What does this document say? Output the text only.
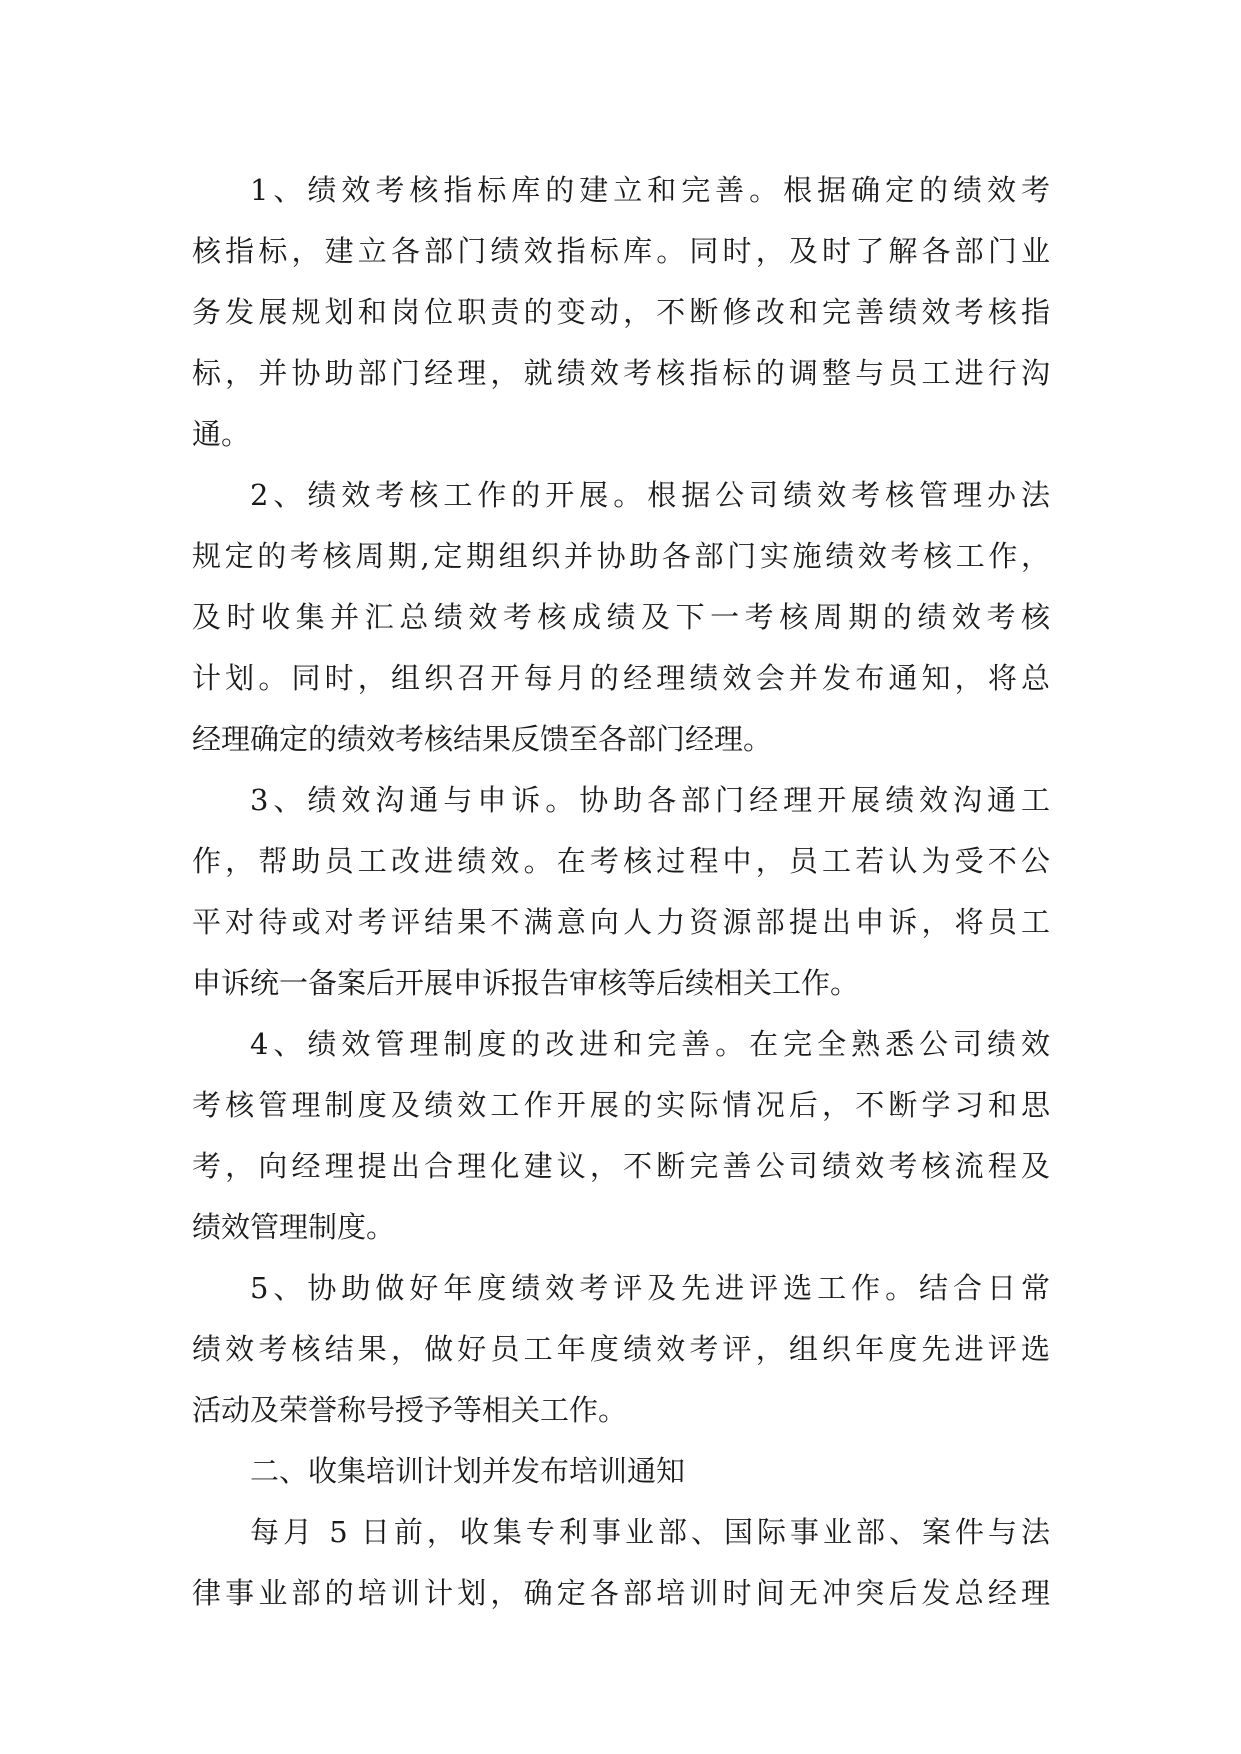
1、绩效考核指标库的建立和完善。根据确定的绩效考
核指标，建立各部门绩效指标库。同时，及时了解各部门业
务发展规划和岗位职责的变动，不断修改和完善绩效考核指
标，并协助部门经理，就绩效考核指标的调整与员工进行沟
通。
2、绩效考核工作的开展。根据公司绩效考核管理办法
规定的考核周期,定期组织并协助各部门实施绩效考核工作，
及时收集并汇总绩效考核成绩及下一考核周期的绩效考核
计划。同时，组织召开每月的经理绩效会并发布通知，将总
经理确定的绩效考核结果反馈至各部门经理。
3、绩效沟通与申诉。协助各部门经理开展绩效沟通工
作，帮助员工改进绩效。在考核过程中，员工若认为受不公
平对待或对考评结果不满意向人力资源部提出申诉，将员工
申诉统一备案后开展申诉报告审核等后续相关工作。
4、绩效管理制度的改进和完善。在完全熟悉公司绩效
考核管理制度及绩效工作开展的实际情况后，不断学习和思
考，向经理提出合理化建议，不断完善公司绩效考核流程及
绩效管理制度。
5、协助做好年度绩效考评及先进评选工作。结合日常
绩效考核结果，做好员工年度绩效考评，组织年度先进评选
活动及荣誉称号授予等相关工作。
二、收集培训计划并发布培训通知
每月 5 日前，收集专利事业部、国际事业部、案件与法
律事业部的培训计划，确定各部培训时间无冲突后发总经理
